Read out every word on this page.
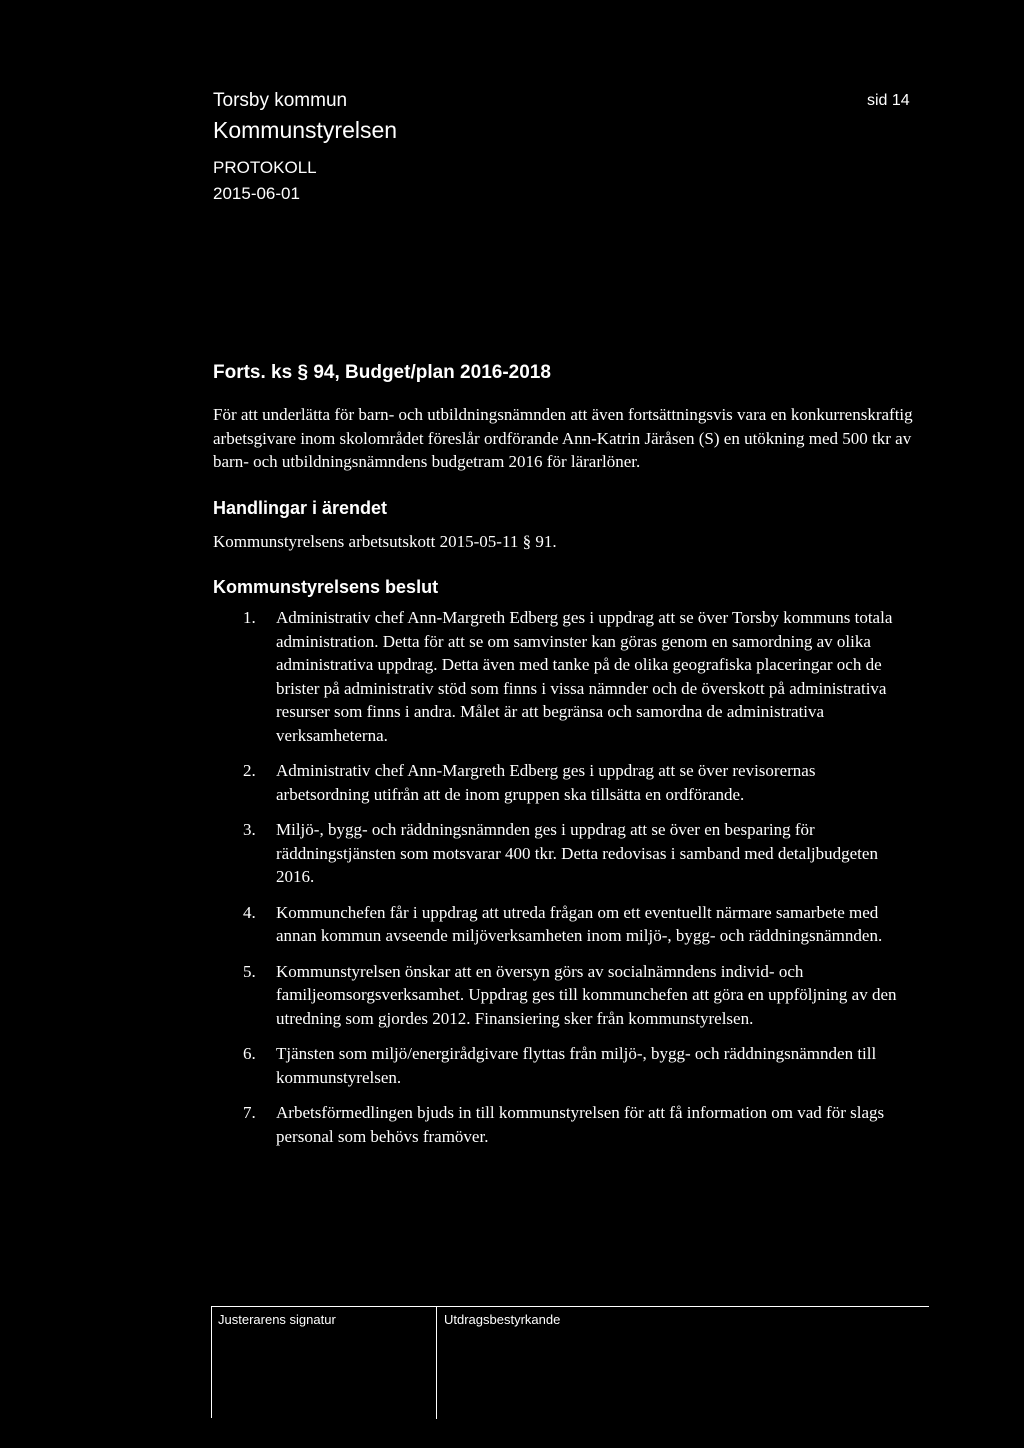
Torsby kommun
Kommunstyrelsen
PROTOKOLL
2015-06-01
sid 14
Forts. ks § 94, Budget/plan 2016-2018

För att underlätta för barn- och utbildningsnämnden att även fortsättningsvis vara en konkurrenskraftig arbetsgivare inom skolområdet föreslår ordförande Ann-Katrin Järåsen (S) en utökning med 500 tkr av barn- och utbildningsnämndens budgetram 2016 för lärarlöner.

Handlingar i ärendet

Kommunstyrelsens arbetsutskott 2015-05-11 § 91.

Kommunstyrelsens beslut
1. Administrativ chef Ann-Margreth Edberg ges i uppdrag att se över Torsby kommuns totala administration. Detta för att se om samvinster kan göras genom en samordning av olika administrativa uppdrag. Detta även med tanke på de olika geografiska placeringar och de brister på administrativ stöd som finns i vissa nämnder och de överskott på administrativa resurser som finns i andra. Målet är att begränsa och samordna de administrativa verksamheterna.
2. Administrativ chef Ann-Margreth Edberg ges i uppdrag att se över revisorernas arbetsordning utifrån att de inom gruppen ska tillsätta en ordförande.
3. Miljö-, bygg- och räddningsnämnden ges i uppdrag att se över en besparing för räddningstjänsten som motsvarar 400 tkr. Detta redovisas i samband med detaljbudgeten 2016.
4. Kommunchefen får i uppdrag att utreda frågan om ett eventuellt närmare samarbete med annan kommun avseende miljöverksamheten inom miljö-, bygg- och räddningsnämnden.
5. Kommunstyrelsen önskar att en översyn görs av socialnämndens individ- och familjeomsorgsverksamhet. Uppdrag ges till kommunchefen att göra en uppföljning av den utredning som gjordes 2012. Finansiering sker från kommunstyrelsen.
6. Tjänsten som miljö/energirådgivare flyttas från miljö-, bygg- och räddningsnämnden till kommunstyrelsen.
7. Arbetsförmedlingen bjuds in till kommunstyrelsen för att få information om vad för slags personal som behövs framöver.
Justerarens signatur	Utdragsbestyrkande
